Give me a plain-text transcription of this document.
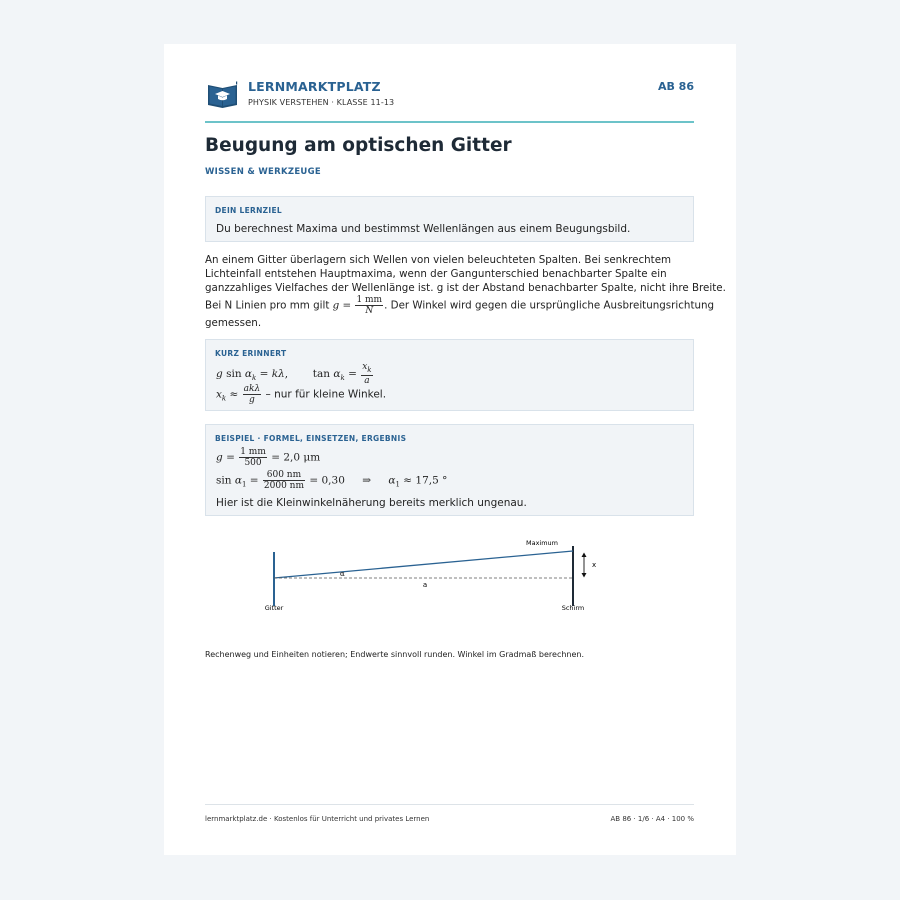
LERNMARKTPLATZ
PHYSIK VERSTEHEN · KLASSE 11-13
AB 86
Beugung am optischen Gitter
WISSEN & WERKZEUGE
DEIN LERNZIEL
Du berechnest Maxima und bestimmst Wellenlängen aus einem Beugungsbild.
An einem Gitter überlagern sich Wellen von vielen beleuchteten Spalten. Bei senkrechtem
Lichteinfall entstehen Hauptmaxima, wenn der Gangunterschied benachbarter Spalte ein
ganzzahliges Vielfaches der Wellenlänge ist. g ist der Abstand benachbarter Spalte, nicht ihre Breite.
Bei N Linien pro mm gilt $g = \frac{1 mm}{N}$ . Der Winkel wird gegen die ursprüngliche Ausbreitungsrichtung
gemessen.
KURZ ERINNERT
g $\sin \alpha_k = k\lambda$,  $\tan \alpha_k = \frac{x_k}{a}$
$x_k \approx \frac{\text{akλ}}{g}$ – nur für kleine Winkel.
BEISPIEL · FORMEL, EINSETZEN, ERGEBNIS
$g = \frac{1 mm}{500} = 2,0$ μm
$\sin \alpha_1 = \frac{600 nm}{2000 nm} = 0,30$ ⇒ $\alpha_1 \approx 17,5$ °
Hier ist die Kleinwinkelnäherung bereits merklich ungenau.
Gitter	Schirm
Maximum
α
a
x
Rechenweg und Einheiten notieren; Endwerte sinnvoll runden. Winkel im Gradmaß berechnen.
lernmarktplatz.de · Kostenlos für Unterricht und privates Lernen	AB 86 · 1/6 · A4 · 100 %
